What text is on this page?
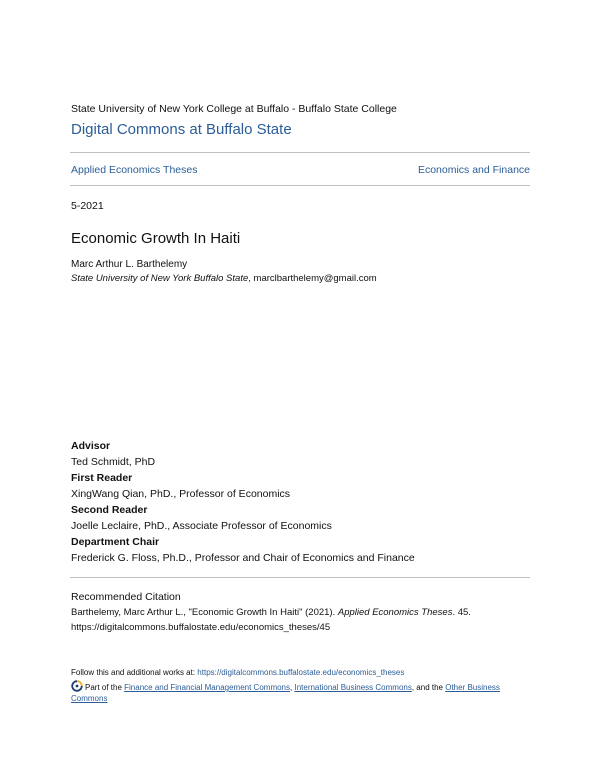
State University of New York College at Buffalo - Buffalo State College
Digital Commons at Buffalo State
Applied Economics Theses	Economics and Finance
5-2021
Economic Growth In Haiti
Marc Arthur L. Barthelemy
State University of New York Buffalo State, marclbarthelemy@gmail.com
Advisor
Ted Schmidt, PhD
First Reader
XingWang Qian, PhD., Professor of Economics
Second Reader
Joelle Leclaire, PhD., Associate Professor of Economics
Department Chair
Frederick G. Floss, Ph.D., Professor and Chair of Economics and Finance
Recommended Citation
Barthelemy, Marc Arthur L., "Economic Growth In Haiti" (2021). Applied Economics Theses. 45.
https://digitalcommons.buffalostate.edu/economics_theses/45
Follow this and additional works at: https://digitalcommons.buffalostate.edu/economics_theses
Part of the Finance and Financial Management Commons, International Business Commons, and the Other Business Commons
